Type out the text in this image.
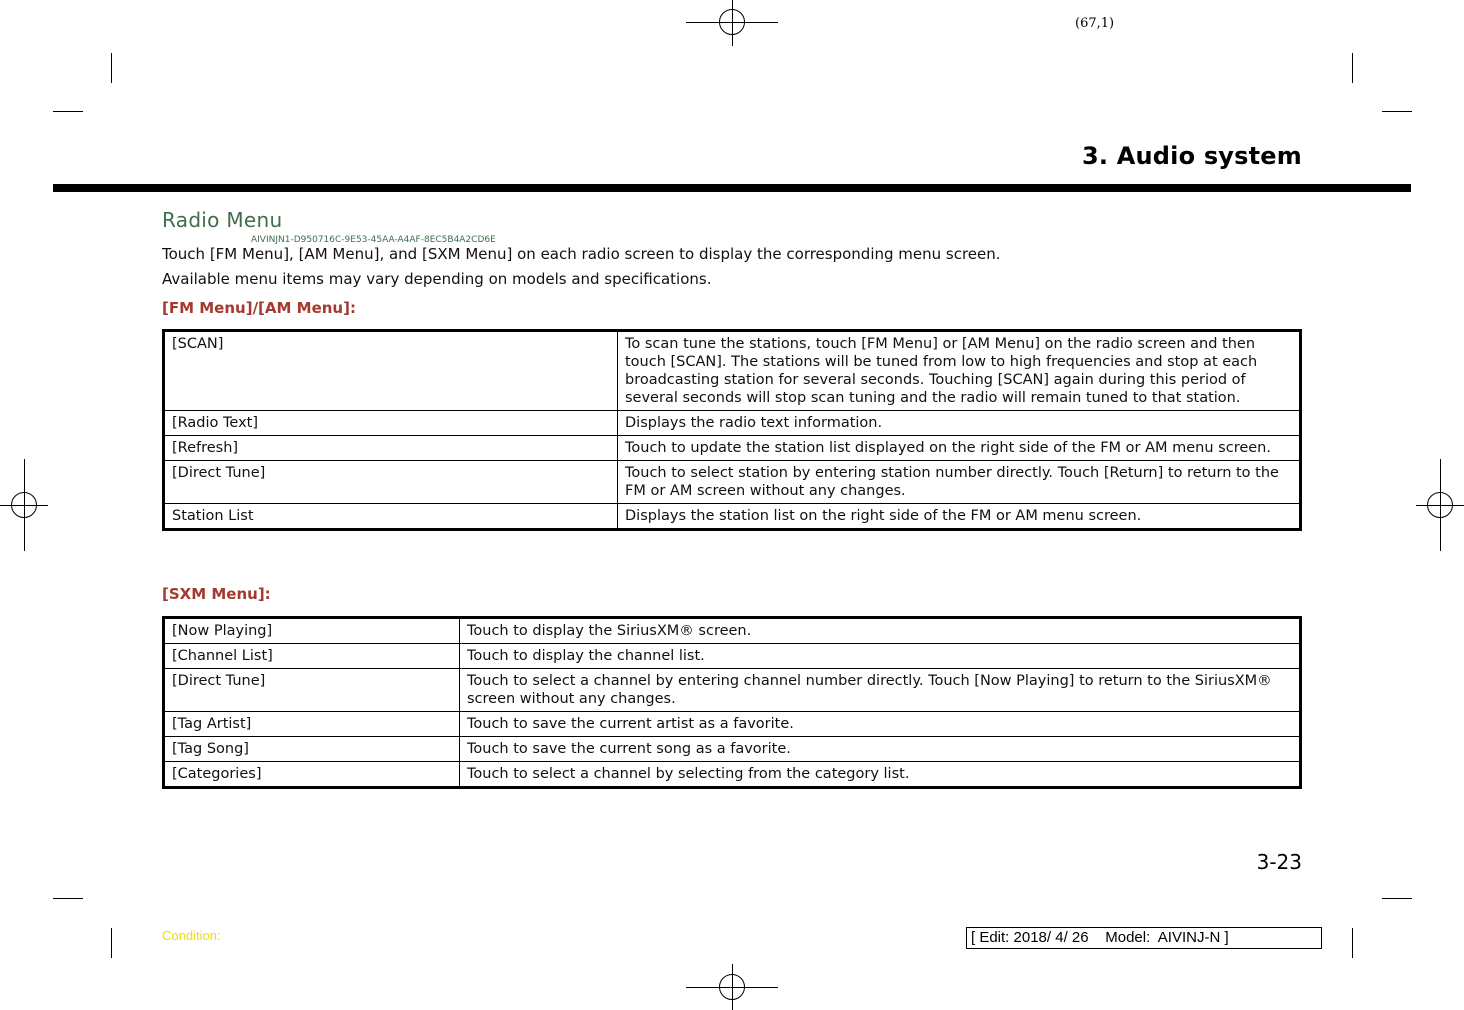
(67,1)
3. Audio system
Radio Menu
AIVINJN1-D950716C-9E53-45AA-A4AF-8EC5B4A2CD6E
Touch [FM Menu], [AM Menu], and [SXM Menu] on each radio screen to display the corresponding menu screen.
Available menu items may vary depending on models and specifications.
[FM Menu]/[AM Menu]:
[SCAN]	To scan tune the stations, touch [FM Menu] or [AM Menu] on the radio screen and then touch [SCAN]. The stations will be tuned from low to high frequencies and stop at each broadcasting station for several seconds. Touching [SCAN] again during this period of several seconds will stop scan tuning and the radio will remain tuned to that station.
[Radio Text]	Displays the radio text information.
[Refresh]	Touch to update the station list displayed on the right side of the FM or AM menu screen.
[Direct Tune]	Touch to select station by entering station number directly. Touch [Return] to return to the FM or AM screen without any changes.
Station List	Displays the station list on the right side of the FM or AM menu screen.
[SXM Menu]:
[Now Playing]	Touch to display the SiriusXM® screen.
[Channel List]	Touch to display the channel list.
[Direct Tune]	Touch to select a channel by entering channel number directly. Touch [Now Playing] to return to the SiriusXM® screen without any changes.
[Tag Artist]	Touch to save the current artist as a favorite.
[Tag Song]	Touch to save the current song as a favorite.
[Categories]	Touch to select a channel by selecting from the category list.
3-23
Condition:	[ Edit: 2018/ 4/ 26    Model:  AIVINJ-N ]
